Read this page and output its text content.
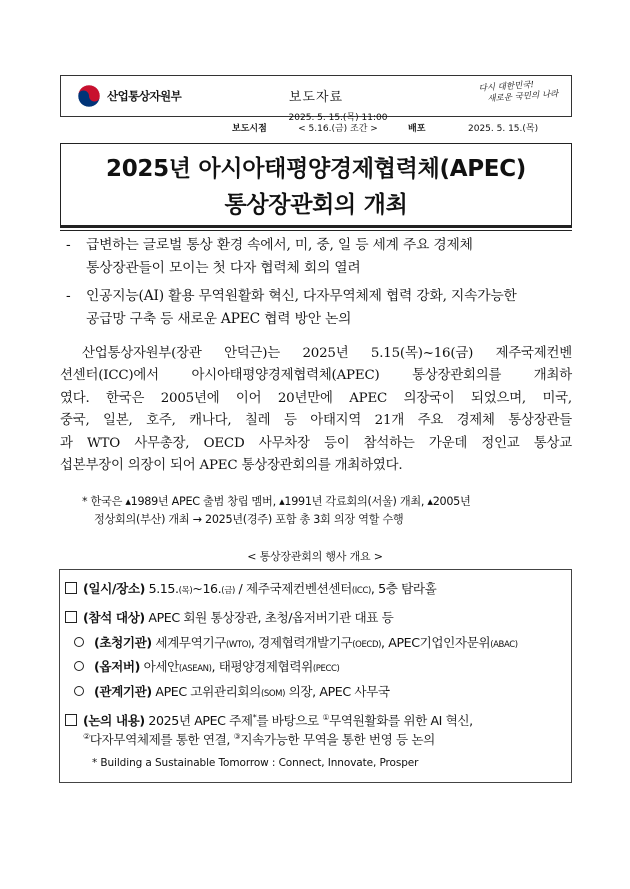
산업통상자원부	보도자료
다시 대한민국!
새로운 국민의 나라
보도시점
2025. 5. 15.(목) 11:00
< 5.16.(금) 조간 >	배포	2025. 5. 15.(목)
2025년 아시아태평양경제협력체(APEC)
통상장관회의 개최
- 급변하는 글로벌 통상 환경 속에서, 미, 중, 일 등 세계 주요 경제체
통상장관들이 모이는 첫 다자 협력체 회의 열려
- 인공지능(AI) 활용 무역원활화 혁신, 다자무역체제 협력 강화, 지속가능한
공급망 구축 등 새로운 APEC 협력 방안 논의
산업통상자원부(장관 안덕근)는 2025년 5.15(목)~16(금) 제주국제컨벤
션센터(ICC)에서 아시아태평양경제협력체(APEC) 통상장관회의를 개최하
였다. 한국은 2005년에 이어 20년만에 APEC 의장국이 되었으며, 미국,
중국, 일본, 호주, 캐나다, 칠레 등 아태지역 21개 주요 경제체 통상장관들
과 WTO 사무총장, OECD 사무차장 등이 참석하는 가운데 정인교 통상교
섭본부장이 의장이 되어 APEC 통상장관회의를 개최하였다.
* 한국은 ▴1989년 APEC 출범 창립 멤버, ▴1991년 각료회의(서울) 개최, ▴2005년
정상회의(부산) 개최 → 2025년(경주) 포함 총 3회 의장 역할 수행
< 통상장관회의 행사 개요 >
(일시/장소) 5.15.(목)~16.(금) / 제주국제컨벤션센터(ICC), 5층 탐라홀
(참석 대상) APEC 회원 통상장관, 초청/옵저버기관 대표 등
(초청기관) 세계무역기구(WTO), 경제협력개발기구(OECD), APEC기업인자문위(ABAC)
(옵저버) 아세안(ASEAN), 태평양경제협력위(PECC)
(관계기관) APEC 고위관리회의(SOM) 의장, APEC 사무국
(논의 내용) 2025년 APEC 주제*를 바탕으로 ①무역원활화를 위한 AI 혁신,
②다자무역체제를 통한 연결, ③지속가능한 무역을 통한 번영 등 논의
* Building a Sustainable Tomorrow : Connect, Innovate, Prosper
